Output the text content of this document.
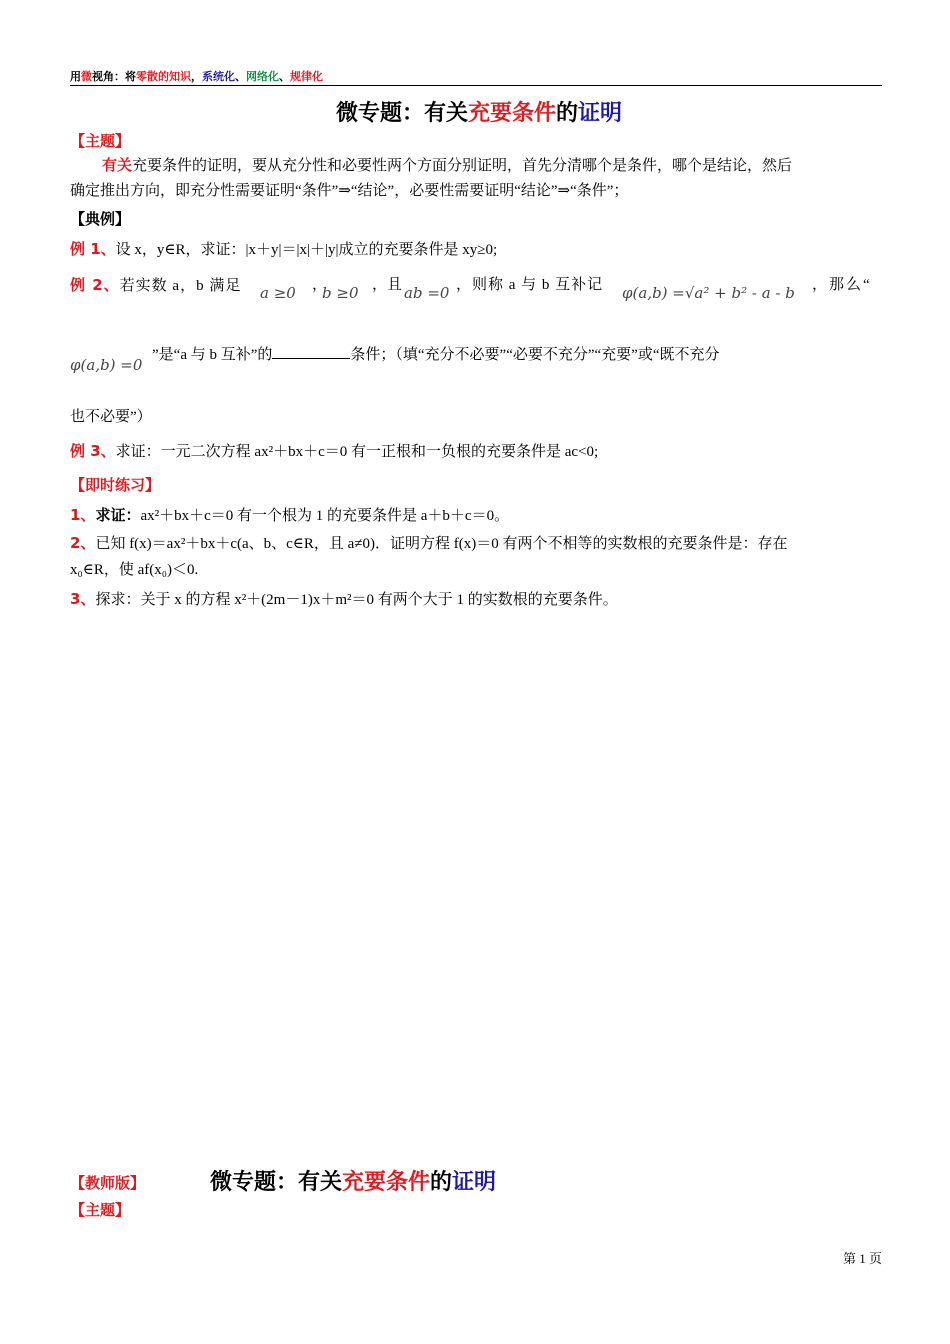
用微视角：将零散的知识，系统化、网络化、规律化
微专题：有关充要条件的证明
【主题】
有关充要条件的证明，要从充分性和必要性两个方面分别证明，首先分清哪个是条件，哪个是结论，然后
确定推出方向，即充分性需要证明“条件”⇒“结论”，必要性需要证明“结论”⇒“条件”；
【典例】
例 1、设 x，y∈R，求证：|x＋y|＝|x|＋|y|成立的充要条件是 xy≥0;
例 2、若实数 a，b 满足	a ≥0 ，
b ≥0 ，且 ab =0 ，则称 a 与 b 互补记 φ(a,b) =√a² + b² - a - b ，那么“
φ(a,b) =0
”是“a 与 b 互补”的	条件；（填“充分不必要”“必要不充分”“充要”或“既不充分
也不必要”）
例 3、求证：一元二次方程 ax²＋bx＋c＝0 有一正根和一负根的充要条件是 ac<0;
【即时练习】
1、求证：ax²＋bx＋c＝0 有一个根为 1 的充要条件是 a＋b＋c＝0。
2、已知 f(x)＝ax²＋bx＋c(a、b、c∈R，且 a≠0)．证明方程 f(x)＝0 有两个不相等的实数根的充要条件是：存在
x₀∈R，使 af(x₀)＜0.
3、探求：关于 x 的方程 x²＋(2m－1)x＋m²＝0 有两个大于 1 的实数根的充要条件。
【教师版】	微专题：有关充要条件的证明
【主题】
第 1 页
